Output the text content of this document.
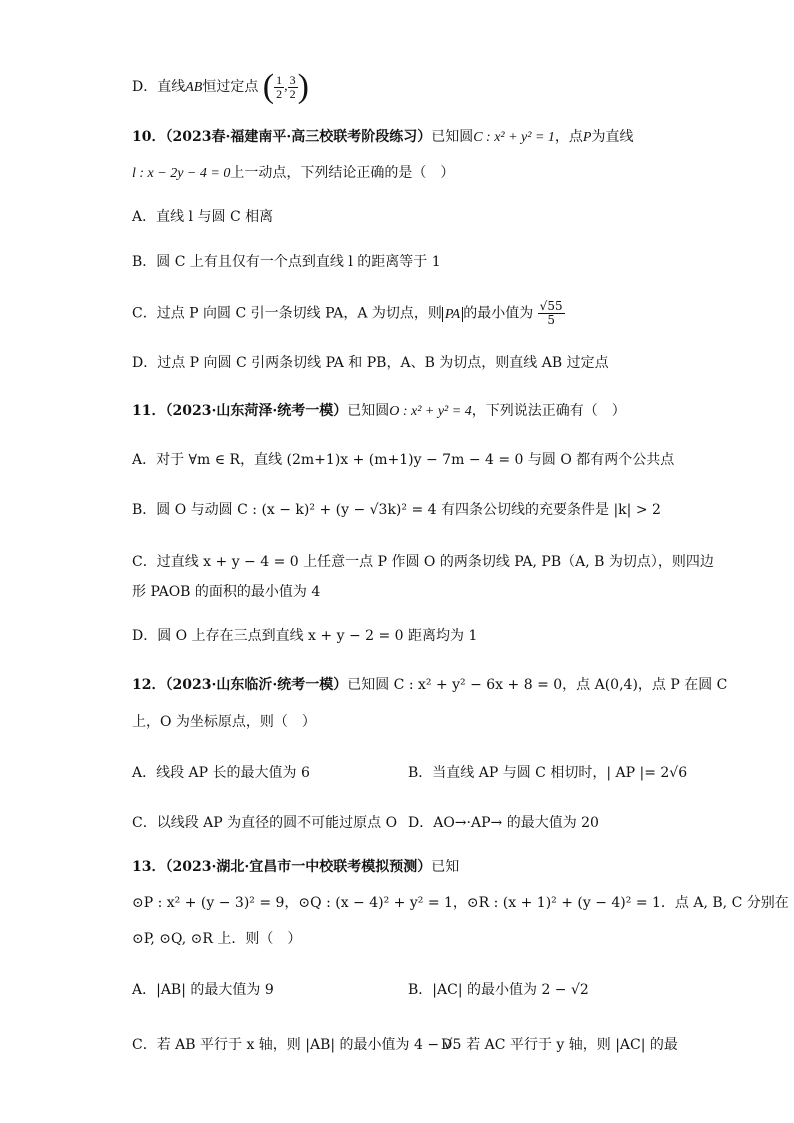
D．直线AB恒过定点 ( $\frac{1}{2}$ , $\frac{3}{2}$ )
10．（2023春·福建南平·高三校联考阶段练习）已知圆C : x² + y² = 1，点P为直线
l : x − 2y − 4 = 0上一动点，下列结论正确的是（　）
A．直线 l 与圆 C 相离
B．圆 C 上有且仅有一个点到直线 l 的距离等于 1
C．过点 P 向圆 C 引一条切线 PA，A 为切点，则 PA 的最小值为 $\frac{√55}{5}$
D．过点 P 向圆 C 引两条切线 PA 和 PB，A、B 为切点，则直线 AB 过定点
11．（2023·山东菏泽·统考一模）已知圆O : x² + y² = 4，下列说法正确有（　）
A．对于 ∀m ∈ R，直线 (2m+1)x + (m+1)y − 7m − 4 = 0 与圆 O 都有两个公共点
B．圆 O 与动圆 C : (x − k)² + (y − √3k)² = 4 有四条公切线的充要条件是 |k| > 2
C．过直线 x + y − 4 = 0 上任意一点 P 作圆 O 的两条切线 PA, PB（A, B 为切点），则四边
形 PAOB 的面积的最小值为 4
D．圆 O 上存在三点到直线 x + y − 2 = 0 距离均为 1
12．（2023·山东临沂·统考一模）已知圆 C : x² + y² − 6x + 8 = 0，点 A(0,4)，点 P 在圆 C
上，O 为坐标原点，则（　）
A．线段 AP 长的最大值为 6	B．当直线 AP 与圆 C 相切时，| AP |= 2√6
C．以线段 AP 为直径的圆不可能过原点 O D．AO→·AP→ 的最大值为 20
13．（2023·湖北·宜昌市一中校联考模拟预测）已知
⊙P : x² + (y − 3)² = 9，⊙Q : (x − 4)² + y² = 1，⊙R : (x + 1)² + (y − 4)² = 1．点 A, B, C 分别在
⊙P, ⊙Q, ⊙R 上．则（　）
A．|AB| 的最大值为 9	B．|AC| 的最小值为 2 − √2
C．若 AB 平行于 x 轴，则 |AB| 的最小值为 4 − √5
D．若 AC 平行于 y 轴，则 |AC| 的最
